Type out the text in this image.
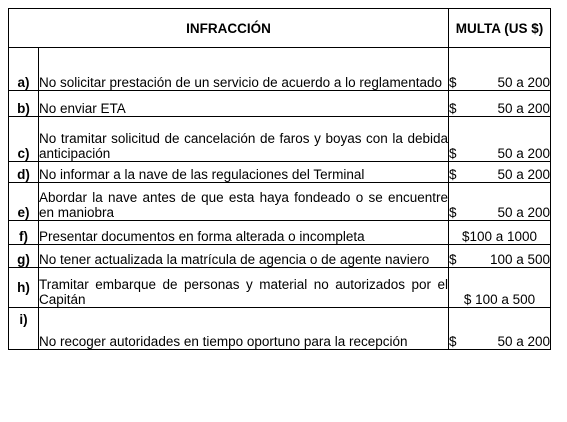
INFRACCIÓN		MULTA (US $)
a)	No solicitar prestación de un servicio de acuerdo a lo reglamentado	$ 50 a 200

b)	No enviar ETA	$ 50 a 200

c)	No tramitar solicitud de cancelación de faros y boyas con la debida anticipación	$ 50 a 200

d)	No informar a la nave de las regulaciones del Terminal	$ 50 a 200

e)	Abordar la nave antes de que esta haya fondeado o se encuentre en maniobra	$ 50 a 200

f)	Presentar documentos en forma alterada o incompleta	$100 a 1000
g)	No tener actualizada la matrícula de agencia o de agente naviero	$ 100 a 500

h)	Tramitar embarque de personas y material no autorizados por el Capitán	$ 100 a 500
i)	No recoger autoridades en tiempo oportuno para la recepción	$ 50 a 200
